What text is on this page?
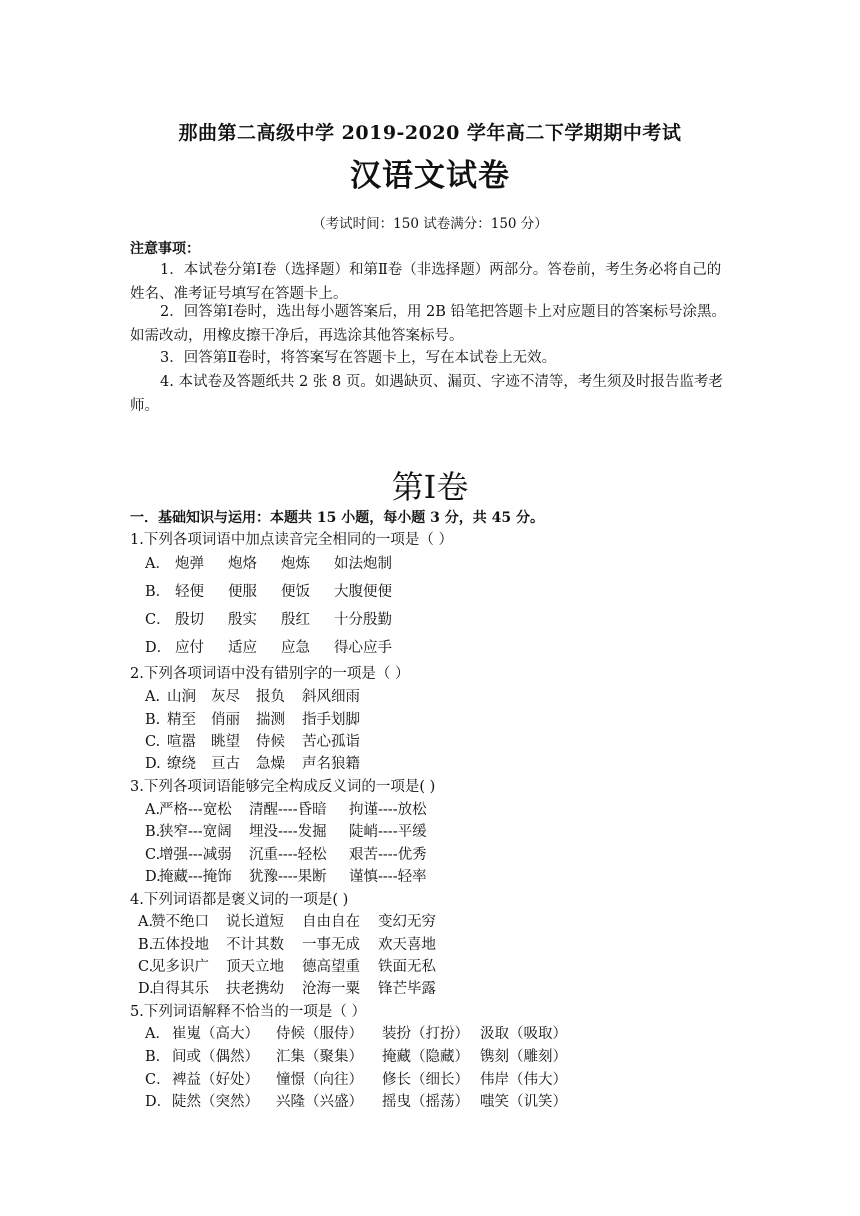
那曲第二高级中学 2019-2020 学年高二下学期期中考试
汉语文试卷
（考试时间：150 试卷满分：150 分）
注意事项：
1．本试卷分第Ⅰ卷（选择题）和第Ⅱ卷（非选择题）两部分。答卷前，考生务必将自己的姓名、准考证号填写在答题卡上。
2．回答第Ⅰ卷时，选出每小题答案后，用 2B 铅笔把答题卡上对应题目的答案标号涂黑。如需改动，用橡皮擦干净后，再选涂其他答案标号。
3．回答第Ⅱ卷时，将答案写在答题卡上，写在本试卷上无效。
4. 本试卷及答题纸共 2 张 8 页。如遇缺页、漏页、字迹不清等，考生须及时报告监考老师。
第Ⅰ卷
一．基础知识与运用：本题共 15 小题，每小题 3 分，共 45 分。
1.下列各项词语中加点读音完全相同的一项是（ ）
A． 炮弹 炮烙 炮炼 如法炮制
B． 轻便 便服 便饭 大腹便便
C． 殷切 殷实 殷红 十分殷勤
D． 应付 适应 应急 得心应手
2.下列各项词语中没有错别字的一项是（ ）
A. 山涧 灰尽 报负 斜风细雨
B. 精至 俏丽 揣测 指手划脚
C. 喧嚣 眺望 侍候 苦心孤诣
D. 缭绕 亘古 急燥 声名狼籍
3.下列各项词语能够完全构成反义词的一项是( )
A.严格---宽松 清醒----昏暗 拘谨----放松
B.狭窄---宽阔 埋没----发掘 陡峭----平缓
C.增强---减弱 沉重----轻松 艰苦----优秀
D.掩藏---掩饰 犹豫----果断 谨慎----轻率
4.下列词语都是褒义词的一项是( )
A.赞不绝口 说长道短 自由自在 变幻无穷
B.五体投地 不计其数 一事无成 欢天喜地
C.见多识广 顶天立地 德高望重 铁面无私
D.自得其乐 扶老携幼 沧海一粟 锋芒毕露
5.下列词语解释不恰当的一项是（ ）
A． 崔嵬（高大） 侍候（服侍） 装扮（打扮） 汲取（吸取）
B． 间或（偶然） 汇集（聚集） 掩藏（隐藏） 镌刻（雕刻）
C．裨益（好处） 憧憬（向往） 修长（细长） 伟岸（伟大）
D．陡然（突然） 兴隆（兴盛） 摇曳（摇荡） 嗤笑（讥笑）
